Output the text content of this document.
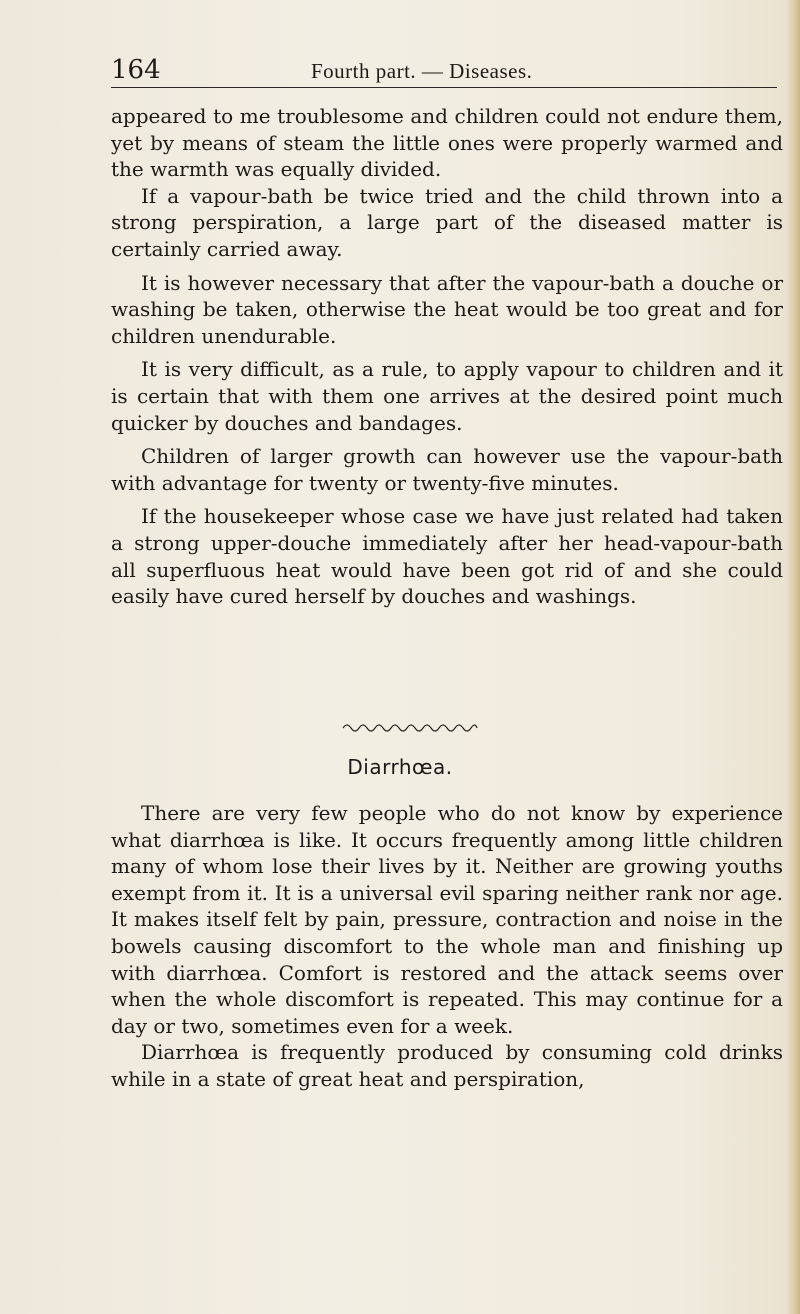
164	Fourth part. — Diseases.

appeared to me troublesome and children could not endure them, yet by means of steam the little ones were properly warmed and the warmth was equally divided.

If a vapour-bath be twice tried and the child thrown into a strong perspiration, a large part of the diseased matter is certainly carried away.

It is however necessary that after the vapour-bath a douche or washing be taken, otherwise the heat would be too great and for children unendurable.

It is very difficult, as a rule, to apply vapour to children and it is certain that with them one arrives at the desired point much quicker by douches and bandages.

Children of larger growth can however use the vapour-bath with advantage for twenty or twenty-five minutes.

If the housekeeper whose case we have just related had taken a strong upper-douche immediately after her head-vapour-bath all superfluous heat would have been got rid of and she could easily have cured herself by douches and washings.

Diarrhœa.

There are very few people who do not know by experience what diarrhœa is like. It occurs frequently among little children many of whom lose their lives by it. Neither are growing youths exempt from it. It is a universal evil sparing neither rank nor age. It makes itself felt by pain, pressure, contraction and noise in the bowels causing discomfort to the whole man and finishing up with diarrhœa. Comfort is restored and the attack seems over when the whole discomfort is repeated. This may continue for a day or two, sometimes even for a week.

Diarrhœa is frequently produced by consuming cold drinks while in a state of great heat and perspiration,
